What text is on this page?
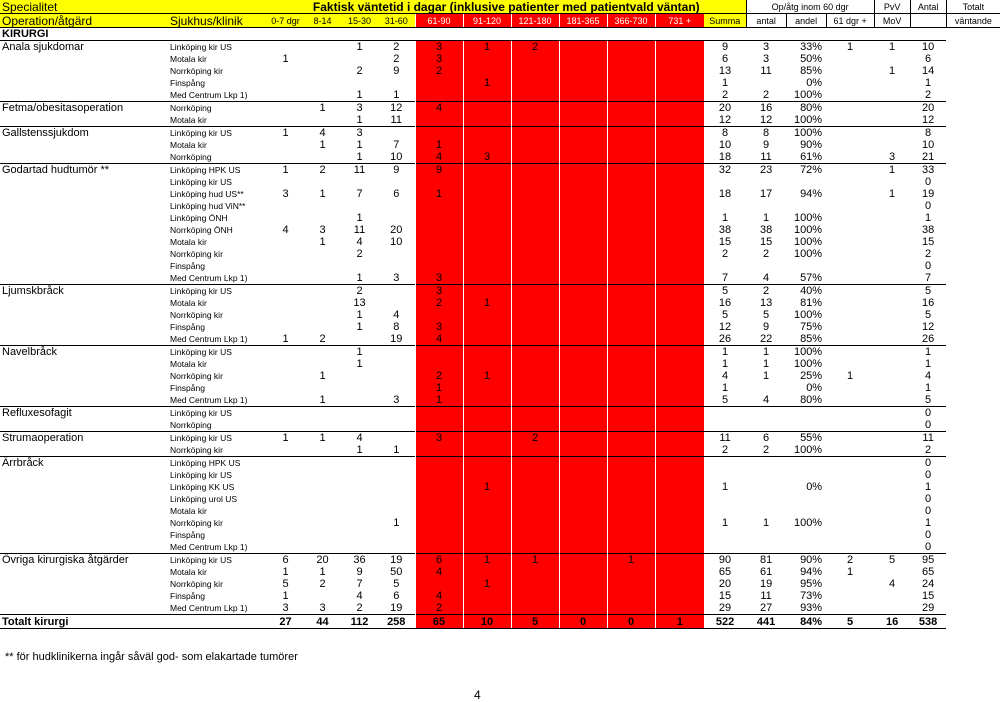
Specialitet		Faktisk väntetid i dagar (inklusive patienter med patientvald väntan)											Op/åtg inom 60 dgr			PvV	Antal	Totalt
Operation/åtgärd	Sjukhus/klinik	0-7 dgr	8-14	15-30	31-60	61-90	91-120	121-180	181-365	366-730	731 +	Summa	antal	andel	61 dgr +	MoV		väntande
KIRURGI																		
Anala sjukdomar	Linköping kir US			1	2	3	1	2				9	3	33%	1	1	10	
	Motala kir	1			2	3						6	3	50%			6	
	Norrköping kir			2	9	2						13	11	85%		1	14	
	Finspång						1					1		0%			1	
	Med Centrum Lkp 1)			1	1							2	2	100%			2	
Fetma/obesitasoperation	Norrköping		1	3	12	4						20	16	80%			20	
	Motala kir			1	11							12	12	100%			12	
Gallstenssjukdom	Linköping kir US	1	4	3								8	8	100%			8	
	Motala kir		1	1	7	1						10	9	90%			10	
	Norrköping			1	10	4	3					18	11	61%		3	21	
Godartad hudtumör **	Linköping HPK US	1	2	11	9	9						32	23	72%		1	33	
	Linköping kir US																0	
	Linköping hud US**	3	1	7	6	1						18	17	94%		1	19	
	Linköping hud ViN**																0	
	Linköping ÖNH			1								1	1	100%			1	
	Norrköping ÖNH	4	3	11	20							38	38	100%			38	
	Motala kir		1	4	10							15	15	100%			15	
	Norrköping kir			2								2	2	100%			2	
	Finspång																0	
	Med Centrum Lkp 1)			1	3	3						7	4	57%			7	
Ljumskbråck	Linköping kir US			2		3						5	2	40%			5	
	Motala kir			13		2	1					16	13	81%			16	
	Norrköping kir			1	4							5	5	100%			5	
	Finspång			1	8	3						12	9	75%			12	
	Med Centrum Lkp 1)	1	2		19	4						26	22	85%			26	
Navelbråck	Linköping kir US			1								1	1	100%			1	
	Motala kir			1								1	1	100%			1	
	Norrköping kir		1			2	1					4	1	25%	1		4	
	Finspång					1						1		0%			1	
	Med Centrum Lkp 1)		1		3	1						5	4	80%			5	
Refluxesofagit	Linköping kir US																0	
	Norrköping																0	
Strumaoperation	Linköping kir US	1	1	4		3		2				11	6	55%			11	
	Norrköping kir			1	1							2	2	100%			2	
Ärrbråck	Linköping HPK US																0	
	Linköping kir US																0	
	Linköping KK US						1					1		0%			1	
	Linköping urol US																0	
	Motala kir																0	
	Norrköping kir				1							1	1	100%			1	
	Finspång																0	
	Med Centrum Lkp 1)																0	
Övriga kirurgiska åtgärder	Linköping kir US	6	20	36	19	6	1	1		1		90	81	90%	2	5	95	
	Motala kir	1	1	9	50	4						65	61	94%	1		65	
	Norrköping kir	5	2	7	5		1					20	19	95%		4	24	
	Finspång	1		4	6	4						15	11	73%			15	
	Med Centrum Lkp 1)	3	3	2	19	2						29	27	93%			29	
Totalt kirurgi		27	44	112	258	65	10	5	0	0	1	522	441	84%	5	16	538	
** för hudklinikerna ingår såväl god- som elakartade tumörer
4
